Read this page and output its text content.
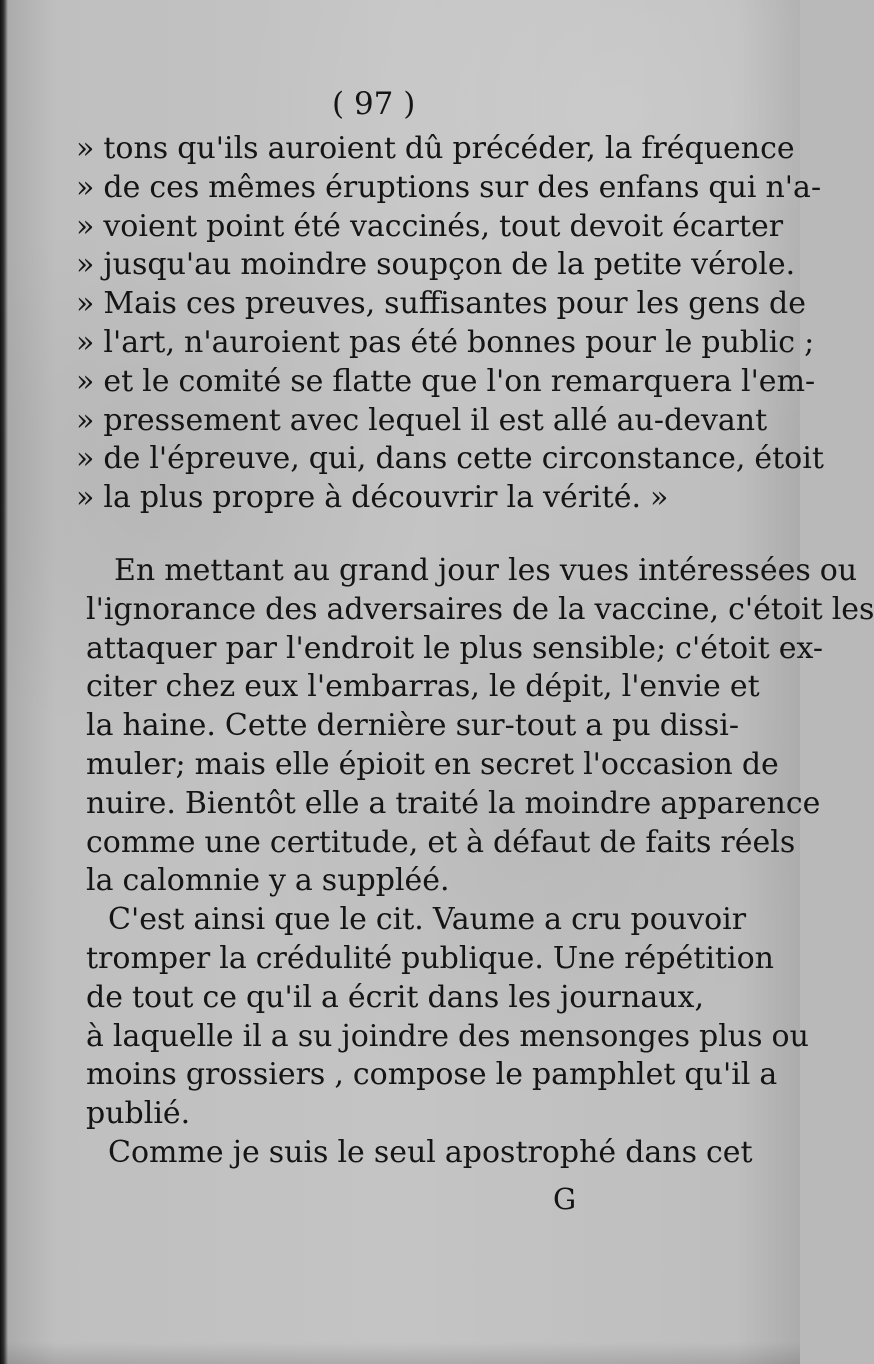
( 97 )
» tons qu'ils auroient dû précéder, la fréquence
» de ces mêmes éruptions sur des enfans qui n'a-
» voient point été vaccinés, tout devoit écarter
» jusqu'au moindre soupçon de la petite vérole.
» Mais ces preuves, suffisantes pour les gens de
» l'art, n'auroient pas été bonnes pour le public ;
» et le comité se flatte que l'on remarquera l'em-
» pressement avec lequel il est allé au-devant
» de l'épreuve, qui, dans cette circonstance, étoit
» la plus propre à découvrir la vérité. »
En mettant au grand jour les vues intéressées ou
l'ignorance des adversaires de la vaccine, c'étoit les
attaquer par l'endroit le plus sensible; c'étoit ex-
citer chez eux l'embarras, le dépit, l'envie et
la haine. Cette dernière sur-tout a pu dissi-
muler; mais elle épioit en secret l'occasion de
nuire. Bientôt elle a traité la moindre apparence
comme une certitude, et à défaut de faits réels
la calomnie y a suppléé.
C'est ainsi que le cit. Vaume a cru pouvoir
tromper la crédulité publique. Une répétition
de tout ce qu'il a écrit dans les journaux,
à laquelle il a su joindre des mensonges plus ou
moins grossiers , compose le pamphlet qu'il a
publié.
Comme je suis le seul apostrophé dans cet
G
